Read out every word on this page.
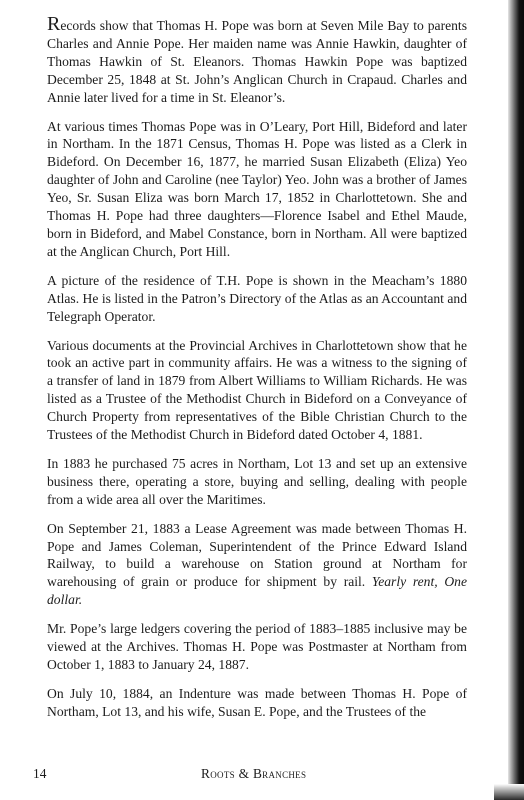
Records show that Thomas H. Pope was born at Seven Mile Bay to parents Charles and Annie Pope. Her maiden name was Annie Hawkin, daughter of Thomas Hawkin of St. Eleanors. Thomas Hawkin Pope was baptized December 25, 1848 at St. John’s Anglican Church in Crapaud. Charles and Annie later lived for a time in St. Eleanor’s.

At various times Thomas Pope was in O’Leary, Port Hill, Bideford and later in Northam. In the 1871 Census, Thomas H. Pope was listed as a Clerk in Bideford. On December 16, 1877, he married Susan Elizabeth (Eliza) Yeo daughter of John and Caroline (nee Taylor) Yeo. John was a brother of James Yeo, Sr. Susan Eliza was born March 17, 1852 in Charlottetown. She and Thomas H. Pope had three daughters—Florence Isabel and Ethel Maude, born in Bideford, and Mabel Constance, born in Northam. All were baptized at the Anglican Church, Port Hill.

A picture of the residence of T.H. Pope is shown in the Meacham’s 1880 Atlas. He is listed in the Patron’s Directory of the Atlas as an Accountant and Telegraph Operator.

Various documents at the Provincial Archives in Charlottetown show that he took an active part in community affairs. He was a witness to the signing of a transfer of land in 1879 from Albert Williams to William Richards. He was listed as a Trustee of the Methodist Church in Bideford on a Conveyance of Church Property from representatives of the Bible Christian Church to the Trustees of the Methodist Church in Bideford dated October 4, 1881.

In 1883 he purchased 75 acres in Northam, Lot 13 and set up an extensive business there, operating a store, buying and selling, dealing with people from a wide area all over the Maritimes.

On September 21, 1883 a Lease Agreement was made between Thomas H. Pope and James Coleman, Superintendent of the Prince Edward Island Railway, to build a warehouse on Station ground at Northam for warehousing of grain or produce for shipment by rail. Yearly rent, One dollar.

Mr. Pope’s large ledgers covering the period of 1883–1885 inclusive may be viewed at the Archives. Thomas H. Pope was Postmaster at Northam from October 1, 1883 to January 24, 1887.

On July 10, 1884, an Indenture was made between Thomas H. Pope of Northam, Lot 13, and his wife, Susan E. Pope, and the Trustees of the

14	Roots & Branches
